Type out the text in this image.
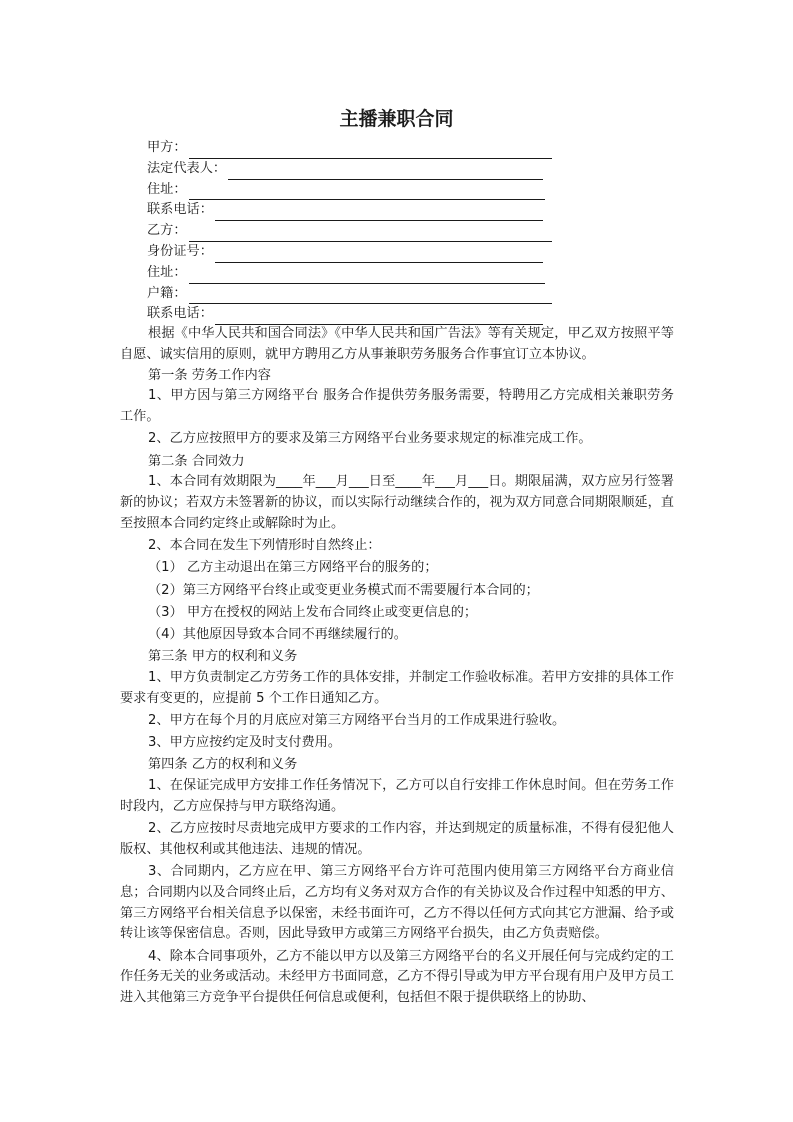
主播兼职合同
甲方：
法定代表人：
住址：
联系电话：
乙方：
身份证号：
住址：
户籍：
联系电话：

根据《中华人民共和国合同法》《中华人民共和国广告法》等有关规定，甲乙双方按照平等自愿、诚实信用的原则，就甲方聘用乙方从事兼职劳务服务合作事宜订立本协议。

第一条 劳务工作内容

1、甲方因与第三方网络平台 服务合作提供劳务服务需要，特聘用乙方完成相关兼职劳务工作。

2、乙方应按照甲方的要求及第三方网络平台业务要求规定的标准完成工作。

第二条 合同效力

1、本合同有效期限为____年___月___日至____年___月___日。期限届满，双方应另行签署新的协议；若双方未签署新的协议，而以实际行动继续合作的，视为双方同意合同期限顺延，直至按照本合同约定终止或解除时为止。

2、本合同在发生下列情形时自然终止：

（1） 乙方主动退出在第三方网络平台的服务的；

（2）第三方网络平台终止或变更业务模式而不需要履行本合同的；

（3） 甲方在授权的网站上发布合同终止或变更信息的；

（4）其他原因导致本合同不再继续履行的。

第三条 甲方的权利和义务

1、甲方负责制定乙方劳务工作的具体安排，并制定工作验收标准。若甲方安排的具体工作要求有变更的，应提前 5 个工作日通知乙方。

2、甲方在每个月的月底应对第三方网络平台当月的工作成果进行验收。

3、甲方应按约定及时支付费用。

第四条 乙方的权利和义务

1、在保证完成甲方安排工作任务情况下，乙方可以自行安排工作休息时间。但在劳务工作时段内，乙方应保持与甲方联络沟通。

2、乙方应按时尽责地完成甲方要求的工作内容，并达到规定的质量标准，不得有侵犯他人版权、其他权利或其他违法、违规的情况。

3、合同期内，乙方应在甲、第三方网络平台方许可范围内使用第三方网络平台方商业信息；合同期内以及合同终止后，乙方均有义务对双方合作的有关协议及合作过程中知悉的甲方、第三方网络平台相关信息予以保密，未经书面许可，乙方不得以任何方式向其它方泄漏、给予或转让该等保密信息。否则，因此导致甲方或第三方网络平台损失，由乙方负责赔偿。

4、除本合同事项外，乙方不能以甲方以及第三方网络平台的名义开展任何与完成约定的工作任务无关的业务或活动。未经甲方书面同意，乙方不得引导或为甲方平台现有用户及甲方员工进入其他第三方竞争平台提供任何信息或便利，包括但不限于提供联络上的协助、
